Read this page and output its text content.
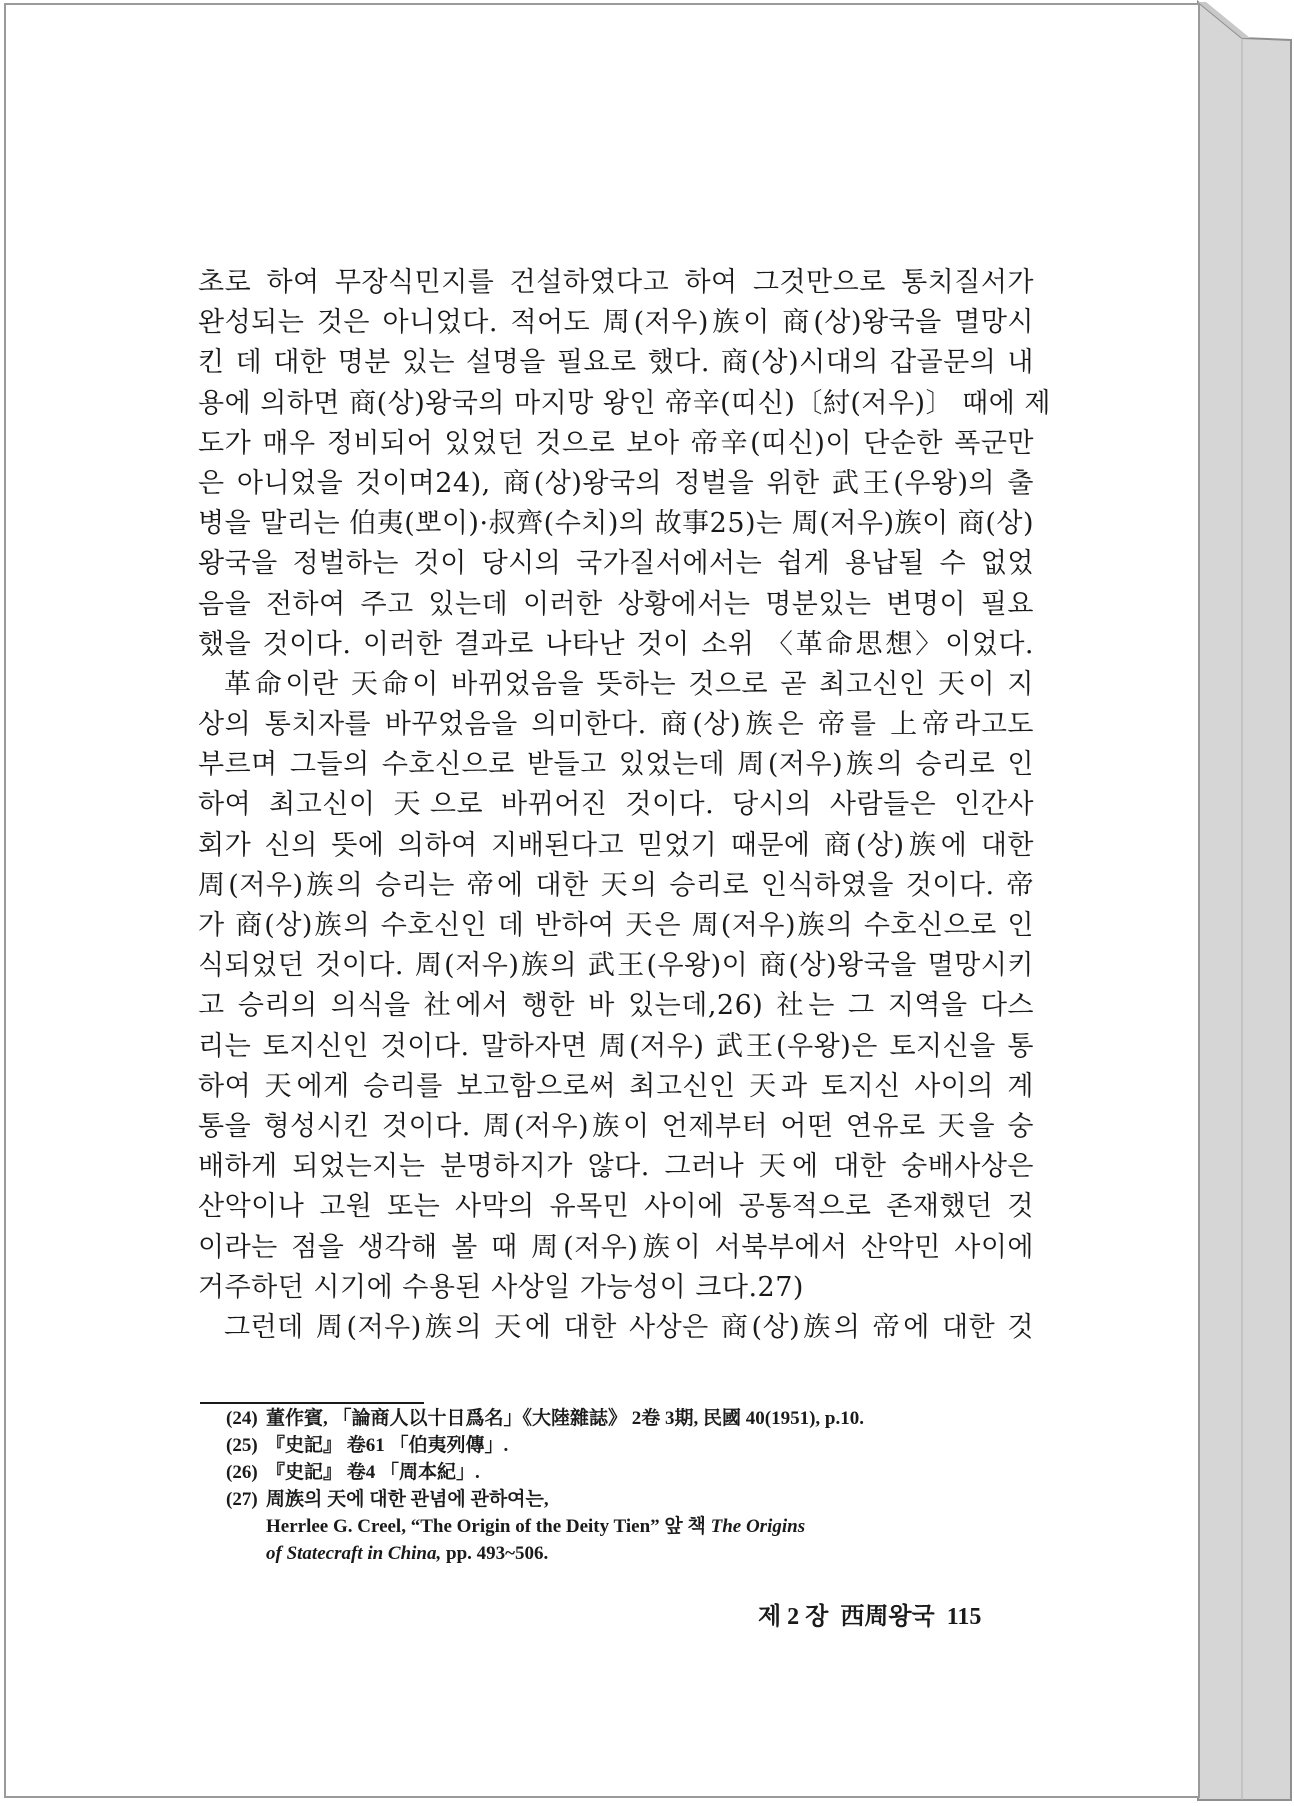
초로 하여 무장식민지를 건설하였다고 하여 그것만으로 통치질서가
완성되는 것은 아니었다. 적어도 周(저우)族이 商(상)왕국을 멸망시
킨 데 대한 명분 있는 설명을 필요로 했다. 商(상)시대의 갑골문의 내
용에 의하면 商(상)왕국의 마지망 왕인 帝辛(띠신)〔紂(저우)〕 때에 제
도가 매우 정비되어 있었던 것으로 보아 帝辛(띠신)이 단순한 폭군만
은 아니었을 것이며24), 商(상)왕국의 정벌을 위한 武王(우왕)의 출
병을 말리는 伯夷(뽀이)·叔齊(수치)의 故事25)는 周(저우)族이 商(상)
왕국을 정벌하는 것이 당시의 국가질서에서는 쉽게 용납될 수 없었
음을 전하여 주고 있는데 이러한 상황에서는 명분있는 변명이 필요
했을 것이다. 이러한 결과로 나타난 것이 소위 〈革命思想〉이었다.
革命이란 天命이 바뀌었음을 뜻하는 것으로 곧 최고신인 天이 지
상의 통치자를 바꾸었음을 의미한다. 商(상)族은 帝를 上帝라고도
부르며 그들의 수호신으로 받들고 있었는데 周(저우)族의 승리로 인
하여 최고신이 天으로 바뀌어진 것이다. 당시의 사람들은 인간사
회가 신의 뜻에 의하여 지배된다고 믿었기 때문에 商(상)族에 대한
周(저우)族의 승리는 帝에 대한 天의 승리로 인식하였을 것이다. 帝
가 商(상)族의 수호신인 데 반하여 天은 周(저우)族의 수호신으로 인
식되었던 것이다. 周(저우)族의 武王(우왕)이 商(상)왕국을 멸망시키
고 승리의 의식을 社에서 행한 바 있는데,26) 社는 그 지역을 다스
리는 토지신인 것이다. 말하자면 周(저우) 武王(우왕)은 토지신을 통
하여 天에게 승리를 보고함으로써 최고신인 天과 토지신 사이의 계
통을 형성시킨 것이다. 周(저우)族이 언제부터 어떤 연유로 天을 숭
배하게 되었는지는 분명하지가 않다. 그러나 天에 대한 숭배사상은
산악이나 고원 또는 사막의 유목민 사이에 공통적으로 존재했던 것
이라는 점을 생각해 볼 때 周(저우)族이 서북부에서 산악민 사이에
거주하던 시기에 수용된 사상일 가능성이 크다.27)
그런데 周(저우)族의 天에 대한 사상은 商(상)族의 帝에 대한 것
(24) 董作賓, 「論商人以十日爲名」《大陸雜誌》 2卷 3期, 民國 40(1951), p.10.
(25) 『史記』 卷61 「伯夷列傳」.
(26) 『史記』 卷4 「周本紀」.
(27) 周族의 天에 대한 관념에 관하여는,
Herrlee G. Creel, “The Origin of the Deity Tien” 앞 책 The Origins
of Statecraft in China, pp. 493~506.
제 2 장 西周왕국 115
